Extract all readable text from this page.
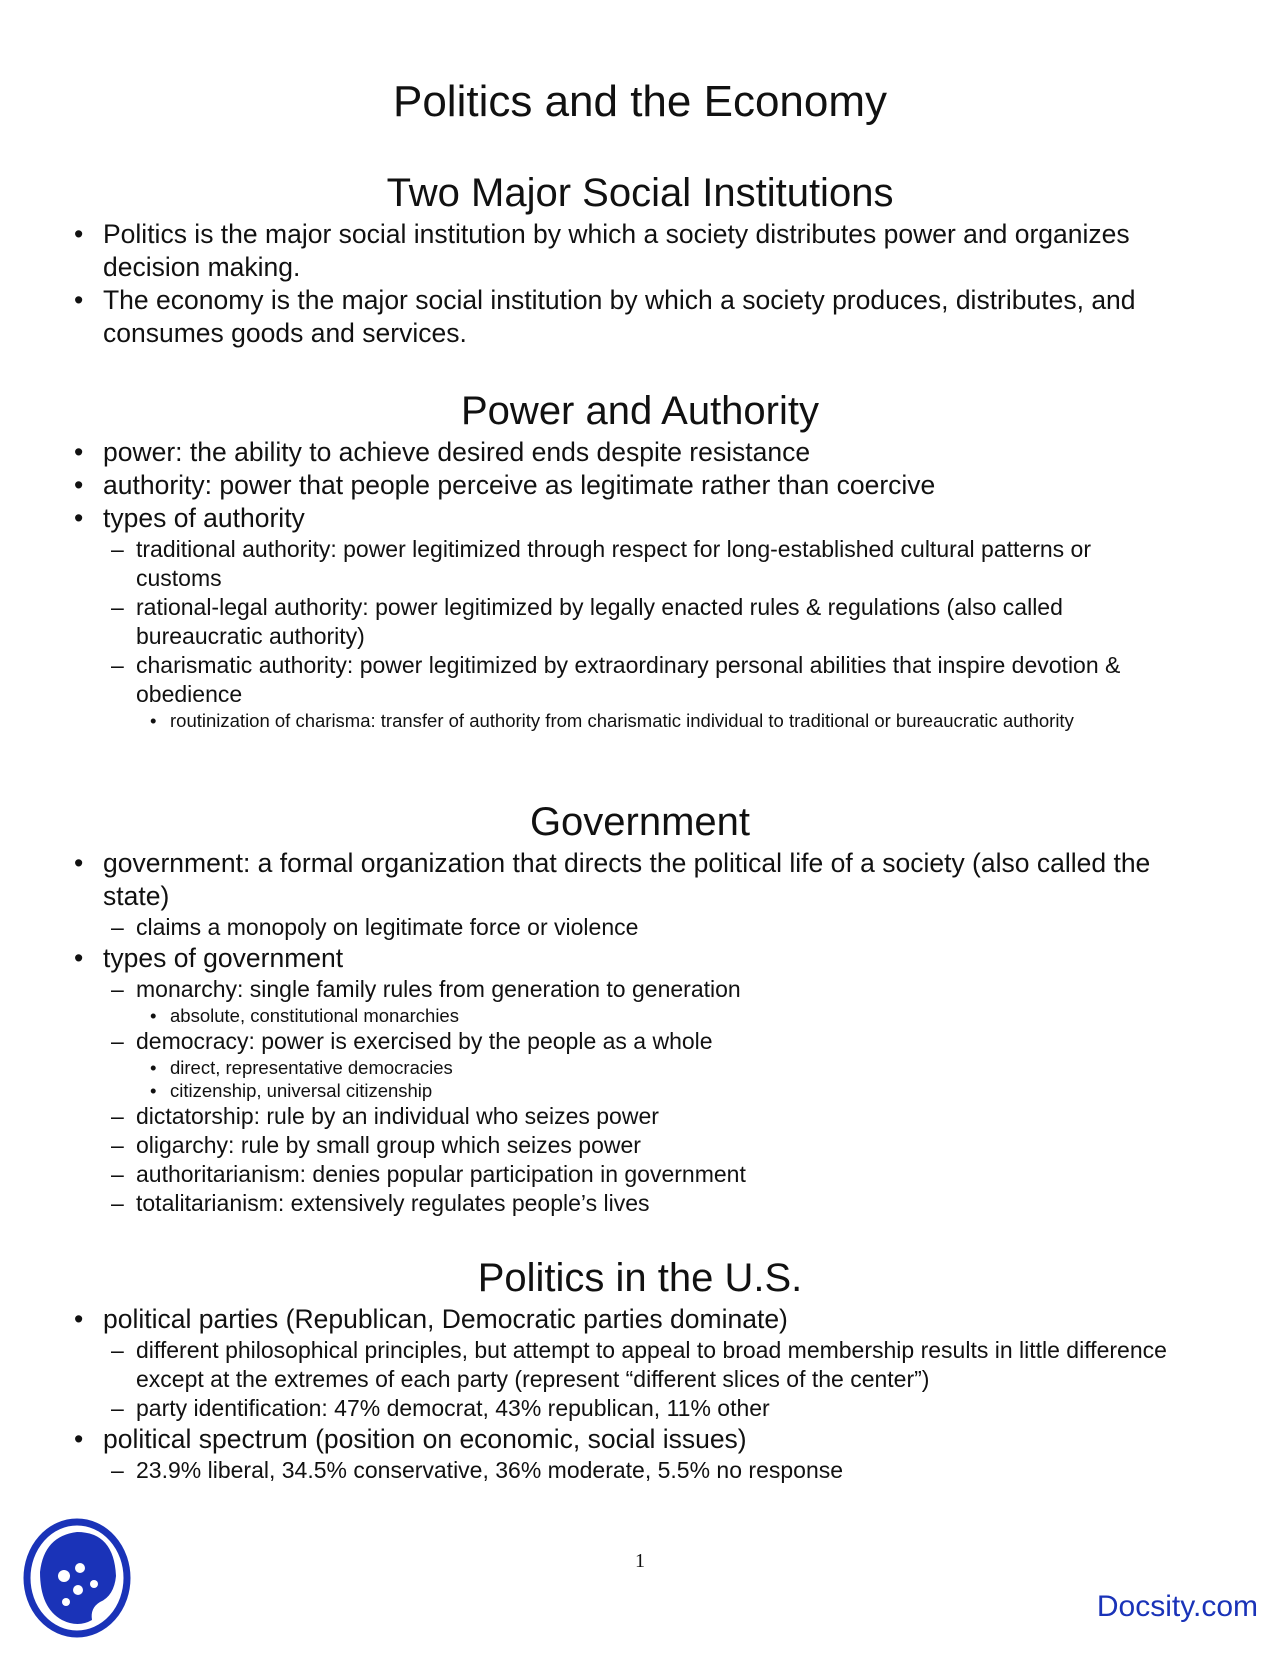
Politics and the Economy
Two Major Social Institutions
• Politics is the major social institution by which a society distributes power and organizes decision making.
• The economy is the major social institution by which a society produces, distributes, and consumes goods and services.
Power and Authority
• power: the ability to achieve desired ends despite resistance
• authority: power that people perceive as legitimate rather than coercive
• types of authority
– traditional authority: power legitimized through respect for long-established cultural patterns or customs
– rational-legal authority: power legitimized by legally enacted rules & regulations (also called bureaucratic authority)
– charismatic authority: power legitimized by extraordinary personal abilities that inspire devotion & obedience
• routinization of charisma: transfer of authority from charismatic individual to traditional or bureaucratic authority
Government
• government: a formal organization that directs the political life of a society (also called the state)
– claims a monopoly on legitimate force or violence
• types of government
– monarchy: single family rules from generation to generation
• absolute, constitutional monarchies
– democracy: power is exercised by the people as a whole
• direct, representative democracies
• citizenship, universal citizenship
– dictatorship: rule by an individual who seizes power
– oligarchy: rule by small group which seizes power
– authoritarianism: denies popular participation in government
– totalitarianism: extensively regulates people’s lives
Politics in the U.S.
• political parties (Republican, Democratic parties dominate)
– different philosophical principles, but attempt to appeal to broad membership results in little difference except at the extremes of each party (represent “different slices of the center”)
– party identification: 47% democrat, 43% republican, 11% other
• political spectrum (position on economic, social issues)
– 23.9% liberal, 34.5% conservative, 36% moderate, 5.5% no response
1
Docsity.com
